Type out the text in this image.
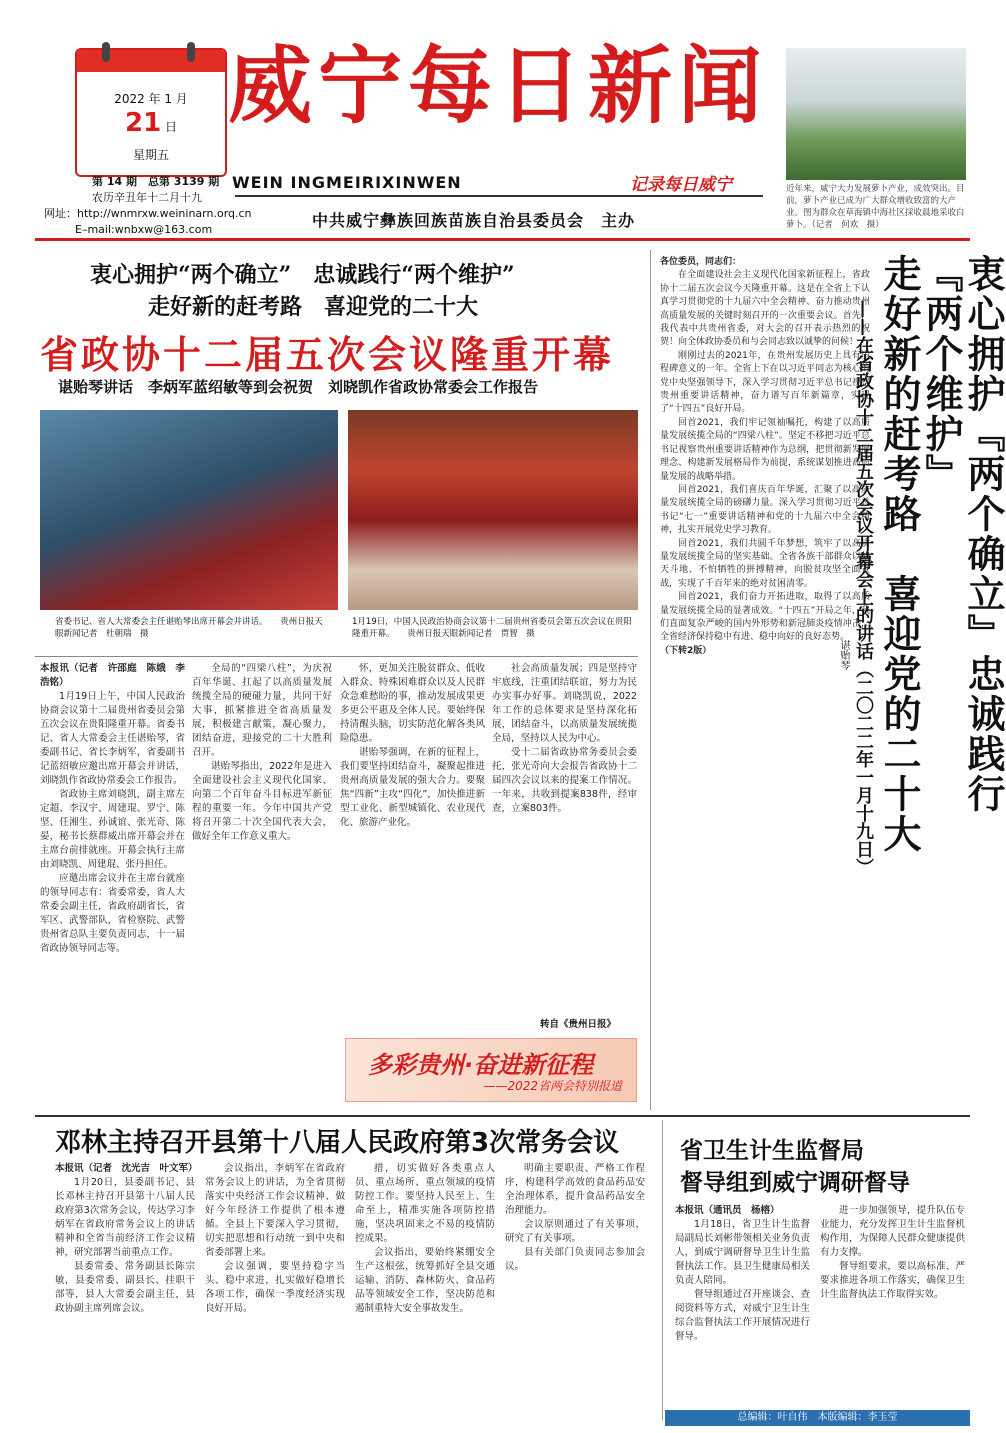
2022 年 1 月
21 日
星期五
威宁每日新闻
WEIN INGMEIRIXINWEN	记录每日威宁
第 14 期　总第 3139 期
农历辛丑年十二月十九
网址：http://wnmrxw.weininarn.orq.cn
E–mail:wnbxw@163.com	中共威宁彝族回族苗族自治县委员会　主办
近年来，威宁大力发展萝卜产业，成效突出。目前，萝卜产业已成为广大群众增收致富的大产业。图为群众在草海镇中海社区採收晨地采收白萝卜。（记者　何欢　摄）
衷心拥护“两个确立”　忠诚践行“两个维护”
走好新的赶考路　喜迎党的二十大
省政协十二届五次会议隆重开幕
谌贻琴讲话　李炳军蓝绍敏等到会祝贺　刘晓凯作省政协常委会工作报告
省委书记、省人大常委会主任谌贻琴出席开幕会并讲话。　　贵州日报天眼新闻记者　杜朝瑞　摄
1月19日，中国人民政治协商会议第十二届贵州省委员会第五次会议在贵阳隆重开幕。　　贵州日报天眼新闻记者　贾智　摄
本报讯（记者　许邵庭　陈娥　李浩铭）

1月19日上午，中国人民政治协商会议第十二届贵州省委员会第五次会议在贵阳隆重开幕。省委书记、省人大常委会主任谌贻琴，省委副书记、省长李炳军，省委副书记蓝绍敏应邀出席开幕会并讲话，刘晓凯作省政协常委会工作报告。

省政协主席刘晓凯，副主席左定超、李汉宇、周建琨、罗宁、陈坚、任湘生、孙诚谊、张光奇、陈晏，秘书长蔡群威出席开幕会并在主席台前排就座。开幕会执行主席由刘晓凯、周建琨、张丹担任。

应邀出席会议并在主席台就座的领导同志有：省委常委，省人大常委会副主任，省政府副省长，省军区、武警部队，省检察院、武警贵州省总队主要负责同志，十一届省政协领导同志等。

全局的“四梁八柱”，为庆祝百年华诞、扛起了以高质量发展统揽全局的硬碰力量，共同干好大事，抓紧推进全省高质量发展，积极建言献策，凝心聚力，团结奋进，迎接党的二十大胜利召开。

谌贻琴指出，2022年是进入全面建设社会主义现代化国家、向第二个百年奋斗目标进军新征程的重要一年。今年中国共产党将召开第二十次全国代表大会，做好全年工作意义重大。

怀，更加关注脱贫群众、低收入群众、特殊困难群众以及人民群众急难愁盼的事，推动发展成果更多更公平惠及全体人民。要始终保持清醒头脑，切实防范化解各类风险隐患。

谌贻琴强调，在新的征程上，我们要坚持团结奋斗，凝聚起推进贵州高质量发展的强大合力。要聚焦“四新”主攻“四化”，加快推进新型工业化、新型城镇化、农业现代化、旅游产业化。

社会高质量发展；四是坚持守牢底线，注重团结联谊，努力为民办实事办好事。刘晓凯说，2022年工作的总体要求是坚持深化拓展，团结奋斗，以高质量发展统揽全局，坚持以人民为中心。

受十二届省政协常务委员会委托，张光奇向大会报告省政协十二届四次会议以来的提案工作情况。一年来，共收到提案838件，经审查，立案803件。

转自《贵州日报》
多彩贵州·奋进新征程
——2022省两会特别报道
各位委员，同志们：

在全面建设社会主义现代化国家新征程上，省政协十二届五次会议今天隆重开幕。这是在全省上下认真学习贯彻党的十九届六中全会精神、奋力推动贵州高质量发展的关键时刻召开的一次重要会议。首先，我代表中共贵州省委，对大会的召开表示热烈的祝贺！向全体政协委员和与会同志致以诚挚的问候！

刚刚过去的2021年，在贵州发展历史上具有里程碑意义的一年。全省上下在以习近平同志为核心的党中央坚强领导下，深入学习贯彻习近平总书记视察贵州重要讲话精神，奋力谱写百年新篇章，实现了“十四五”良好开局。

回首2021，我们牢记领袖嘱托，构建了以高质量发展统揽全局的“四梁八柱”。坚定不移把习近平总书记视察贵州重要讲话精神作为总纲，把贯彻新发展理念、构建新发展格局作为前提，系统谋划推进高质量发展的战略举措。

回首2021，我们喜庆百年华诞，汇聚了以高质量发展统揽全局的磅礴力量。深入学习贯彻习近平总书记“七一”重要讲话精神和党的十九届六中全会精神，扎实开展党史学习教育。

回首2021，我们共圆千年梦想，筑牢了以高质量发展统揽全局的坚实基础。全省各族干部群众以战天斗地、不怕牺牲的拼搏精神，向脱贫攻坚全面宣战，实现了千百年来的绝对贫困清零。

回首2021，我们奋力开拓进取，取得了以高质量发展统揽全局的显著成效。“十四五”开局之年，我们直面复杂严峻的国内外形势和新冠肺炎疫情冲击，全省经济保持稳中有进、稳中向好的良好态势。

（下转2版）	衷心拥护『两个确立』忠诚践行『两个维护』
走好新的赶考路　喜迎党的二十大
——在省政协十二届五次会议开幕会上的讲话（二〇二二年一月十九日）
谌贻琴
邓林主持召开县第十八届人民政府第3次常务会议
本报讯（记者　沈光吉　叶文军）

1月20日，县委副书记、县长邓林主持召开县第十八届人民政府第3次常务会议，传达学习李炳军在省政府常务会议上的讲话精神和全省当前经济工作会议精神，研究部署当前重点工作。

县委常委、常务副县长陈宗敏，县委常委、副县长、挂职干部等，县人大常委会副主任，县政协副主席列席会议。

会议指出，李炳军在省政府常务会议上的讲话，为全省贯彻落实中央经济工作会议精神、做好今年经济工作提供了根本遵循。全县上下要深入学习贯彻，切实把思想和行动统一到中央和省委部署上来。

会议强调，要坚持稳字当头、稳中求进，扎实做好稳增长各项工作，确保一季度经济实现良好开局。

措，切实做好各类重点人员、重点场所、重点领域的疫情防控工作。要坚持人民至上、生命至上，精准实施各项防控措施，坚决巩固来之不易的疫情防控成果。

会议指出，要始终紧绷安全生产这根弦，统筹抓好全县交通运输、消防、森林防火、食品药品等领域安全工作，坚决防范和遏制重特大安全事故发生。

明确主要职责、严格工作程序，构建科学高效的食品药品安全治理体系，提升食品药品安全治理能力。

会议原则通过了有关事项，研究了有关事项。

县有关部门负责同志参加会议。

省卫生计生监督局
督导组到威宁调研督导
本报讯（通讯员　杨榕）

1月18日，省卫生计生监督局副局长刘彬带领相关业务负责人，到威宁调研督导卫生计生监督执法工作。县卫生健康局相关负责人陪同。

督导组通过召开座谈会、查阅资料等方式，对威宁卫生计生综合监督执法工作开展情况进行督导。

进一步加强领导，提升队伍专业能力，充分发挥卫生计生监督机构作用，为保障人民群众健康提供有力支撑。

督导组要求，要以高标准、严要求推进各项工作落实，确保卫生计生监督执法工作取得实效。

总编辑：叶自伟　本版编辑：李玉莹
